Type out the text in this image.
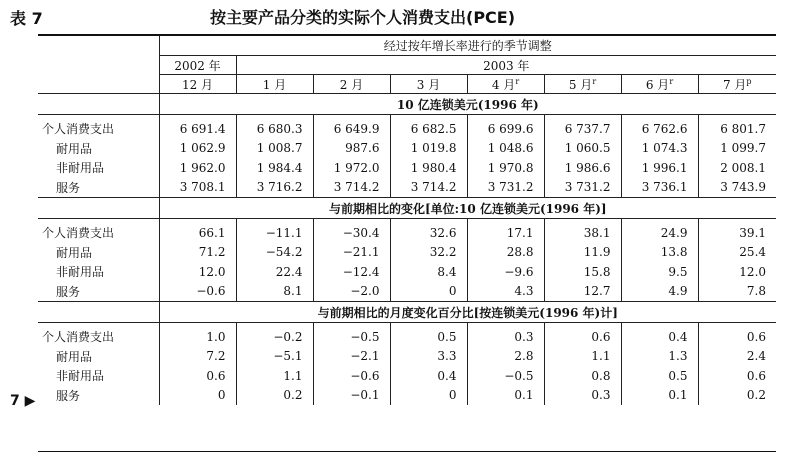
表 7	按主要产品分类的实际个人消费支出(PCE)
7 ▶
	经过按年增长率进行的季节调整							
	2002 年	2003 年						
	12 月	1 月	2 月	3 月	4 月$^r$	5 月$^r$	6 月$^r$	7 月$^p$
	10 亿连锁美元(1996 年)							
个人消费支出	6 691.4	6 680.3	6 649.9	6 682.5	6 699.6	6 737.7	6 762.6	6 801.7
耐用品	1 062.9	1 008.7	987.6	1 019.8	1 048.6	1 060.5	1 074.3	1 099.7
非耐用品	1 962.0	1 984.4	1 972.0	1 980.4	1 970.8	1 986.6	1 996.1	2 008.1
服务	3 708.1	3 716.2	3 714.2	3 714.2	3 731.2	3 731.2	3 736.1	3 743.9
	与前期相比的变化[单位:10 亿连锁美元(1996 年)]							
个人消费支出	66.1	−11.1	−30.4	32.6	17.1	38.1	24.9	39.1
耐用品	71.2	−54.2	−21.1	32.2	28.8	11.9	13.8	25.4
非耐用品	12.0	22.4	−12.4	8.4	−9.6	15.8	9.5	12.0
服务	−0.6	8.1	−2.0	0	4.3	12.7	4.9	7.8
	与前期相比的月度变化百分比[按连锁美元(1996 年)计]							
个人消费支出	1.0	−0.2	−0.5	0.5	0.3	0.6	0.4	0.6
耐用品	7.2	−5.1	−2.1	3.3	2.8	1.1	1.3	2.4
非耐用品	0.6	1.1	−0.6	0.4	−0.5	0.8	0.5	0.6
服务	0	0.2	−0.1	0	0.1	0.3	0.1	0.2
